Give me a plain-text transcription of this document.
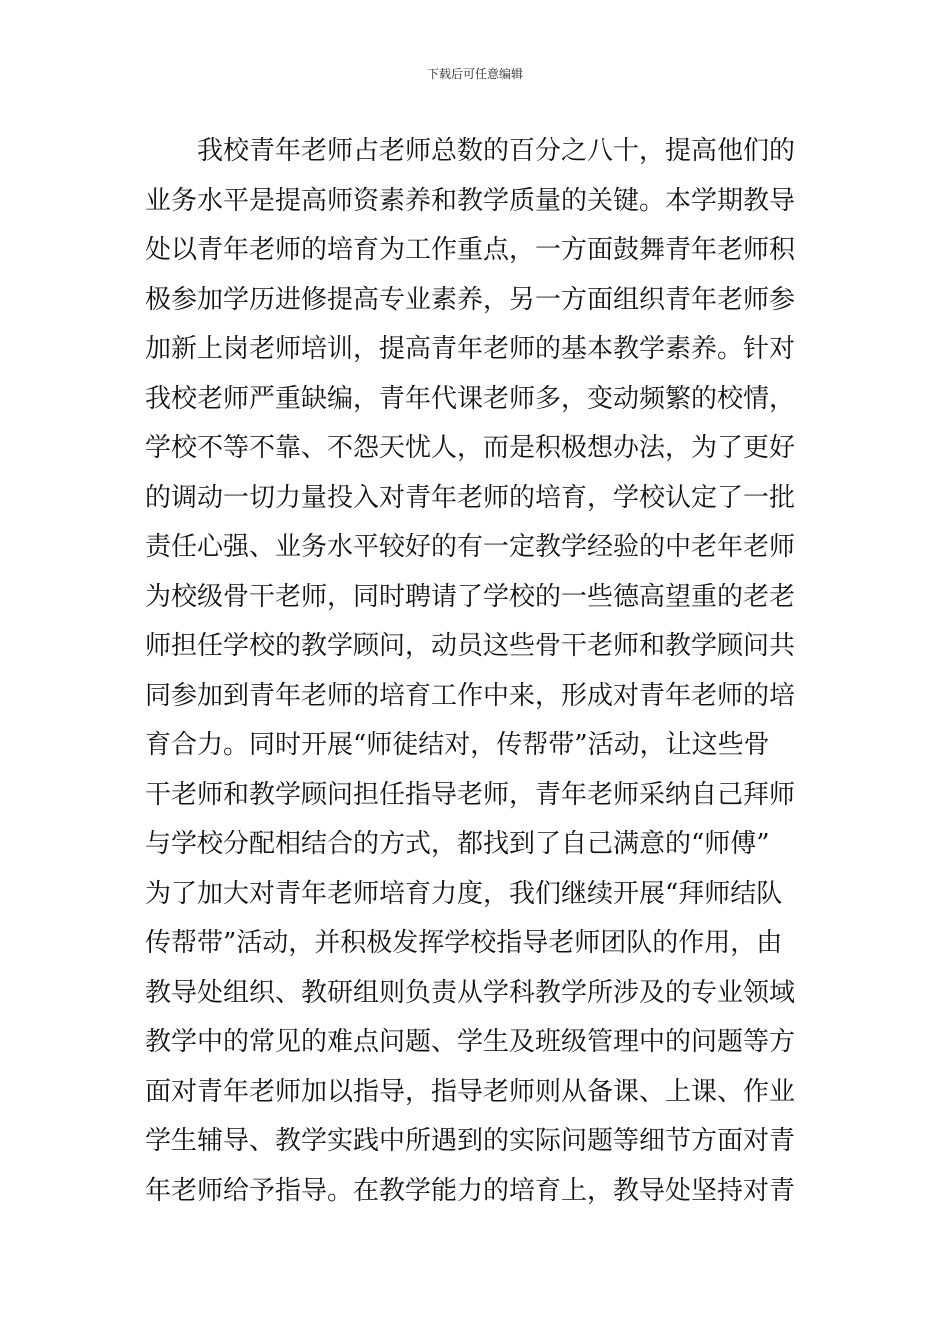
下载后可任意编辑
　　我校青年老师占老师总数的百分之八十，提高他们的
业务水平是提高师资素养和教学质量的关键。本学期教导
处以青年老师的培育为工作重点，一方面鼓舞青年老师积
极参加学历进修提高专业素养，另一方面组织青年老师参
加新上岗老师培训，提高青年老师的基本教学素养。针对
我校老师严重缺编，青年代课老师多，变动频繁的校情，
学校不等不靠、不怨天忧人，而是积极想办法，为了更好
的调动一切力量投入对青年老师的培育，学校认定了一批
责任心强、业务水平较好的有一定教学经验的中老年老师
为校级骨干老师，同时聘请了学校的一些德高望重的老老
师担任学校的教学顾问，动员这些骨干老师和教学顾问共
同参加到青年老师的培育工作中来，形成对青年老师的培
育合力。同时开展“师徒结对，传帮带”活动，让这些骨
干老师和教学顾问担任指导老师，青年老师采纳自己拜师
与学校分配相结合的方式，都找到了自己满意的“师傅”
为了加大对青年老师培育力度，我们继续开展“拜师结队
传帮带”活动，并积极发挥学校指导老师团队的作用，由
教导处组织、教研组则负责从学科教学所涉及的专业领域
教学中的常见的难点问题、学生及班级管理中的问题等方
面对青年老师加以指导，指导老师则从备课、上课、作业
学生辅导、教学实践中所遇到的实际问题等细节方面对青
年老师给予指导。在教学能力的培育上，教导处坚持对青
